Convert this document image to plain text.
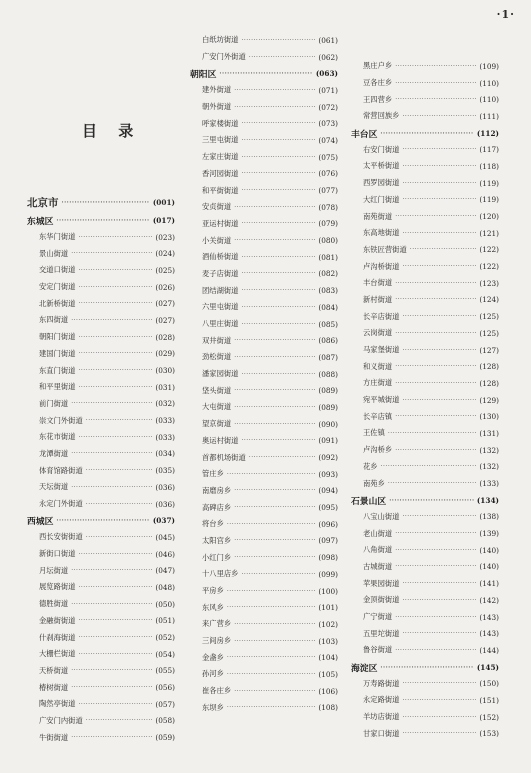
·1·
目 录
北京市 ·····	(001)
东城区 ·····	(017)
东华门街道 ·····	(023)
景山街道 ·····	(024)
交道口街道 ·····	(025)
安定门街道 ·····	(026)
北新桥街道 ·····	(027)
东四街道 ·····	(027)
朝阳门街道 ·····	(028)
建国门街道 ·····	(029)
东直门街道 ·····	(030)
和平里街道 ·····	(031)
前门街道 ·····	(032)
崇文门外街道 ·····	(033)
东花市街道 ·····	(033)
龙潭街道 ·····	(034)
体育馆路街道 ·····	(035)
天坛街道 ·····	(036)
永定门外街道 ·····	(036)
西城区 ·····	(037)
西长安街街道 ·····	(045)
新街口街道 ·····	(046)
月坛街道 ·····	(047)
展览路街道 ·····	(048)
德胜街道 ·····	(050)
金融街街道 ·····	(051)
什刹海街道 ·····	(052)
大栅栏街道 ·····	(054)
天桥街道 ·····	(055)
椿树街道 ·····	(056)
陶然亭街道 ·····	(057)
广安门内街道 ·····	(058)
牛街街道 ·····	(059)
白纸坊街道 ·····	(061)
广安门外街道 ·····	(062)
朝阳区 ·····	(063)
建外街道 ·····	(071)
朝外街道 ·····	(072)
呼家楼街道 ·····	(073)
三里屯街道 ·····	(074)
左家庄街道 ·····	(075)
香河园街道 ·····	(076)
和平街街道 ·····	(077)
安贞街道 ·····	(078)
亚运村街道 ·····	(079)
小关街道 ·····	(080)
酒仙桥街道 ·····	(081)
麦子店街道 ·····	(082)
团结湖街道 ·····	(083)
六里屯街道 ·····	(084)
八里庄街道 ·····	(085)
双井街道 ·····	(086)
劲松街道 ·····	(087)
潘家园街道 ·····	(088)
垡头街道 ·····	(089)
大屯街道 ·····	(089)
望京街道 ·····	(090)
奥运村街道 ·····	(091)
首都机场街道 ·····	(092)
管庄乡 ·····	(093)
南磨房乡 ·····	(094)
高碑店乡 ·····	(095)
将台乡 ·····	(096)
太阳宫乡 ·····	(097)
小红门乡 ·····	(098)
十八里店乡 ·····	(099)
平房乡 ·····	(100)
东风乡 ·····	(101)
来广营乡 ·····	(102)
三间房乡 ·····	(103)
金盏乡 ·····	(104)
孙河乡 ·····	(105)
崔各庄乡 ·····	(106)
东坝乡 ·····	(108)
黑庄户乡 ·····	(109)
豆各庄乡 ·····	(110)
王四营乡 ·····	(110)
常营回族乡 ·····	(111)
丰台区 ·····	(112)
右安门街道 ·····	(117)
太平桥街道 ·····	(118)
西罗园街道 ·····	(119)
大红门街道 ·····	(119)
南苑街道 ·····	(120)
东高地街道 ·····	(121)
东铁匠营街道 ·····	(122)
卢沟桥街道 ·····	(122)
丰台街道 ·····	(123)
新村街道 ·····	(124)
长辛店街道 ·····	(125)
云岗街道 ·····	(125)
马家堡街道 ·····	(127)
和义街道 ·····	(128)
方庄街道 ·····	(128)
宛平城街道 ·····	(129)
长辛店镇 ·····	(130)
王佐镇 ·····	(131)
卢沟桥乡 ·····	(132)
花乡 ·····	(132)
南苑乡 ·····	(133)
石景山区 ·····	(134)
八宝山街道 ·····	(138)
老山街道 ·····	(139)
八角街道 ·····	(140)
古城街道 ·····	(140)
苹果园街道 ·····	(141)
金顶街街道 ·····	(142)
广宁街道 ·····	(143)
五里坨街道 ·····	(143)
鲁谷街道 ·····	(144)
海淀区 ·····	(145)
万寿路街道 ·····	(150)
永定路街道 ·····	(151)
羊坊店街道 ·····	(152)
甘家口街道 ·····	(153)
